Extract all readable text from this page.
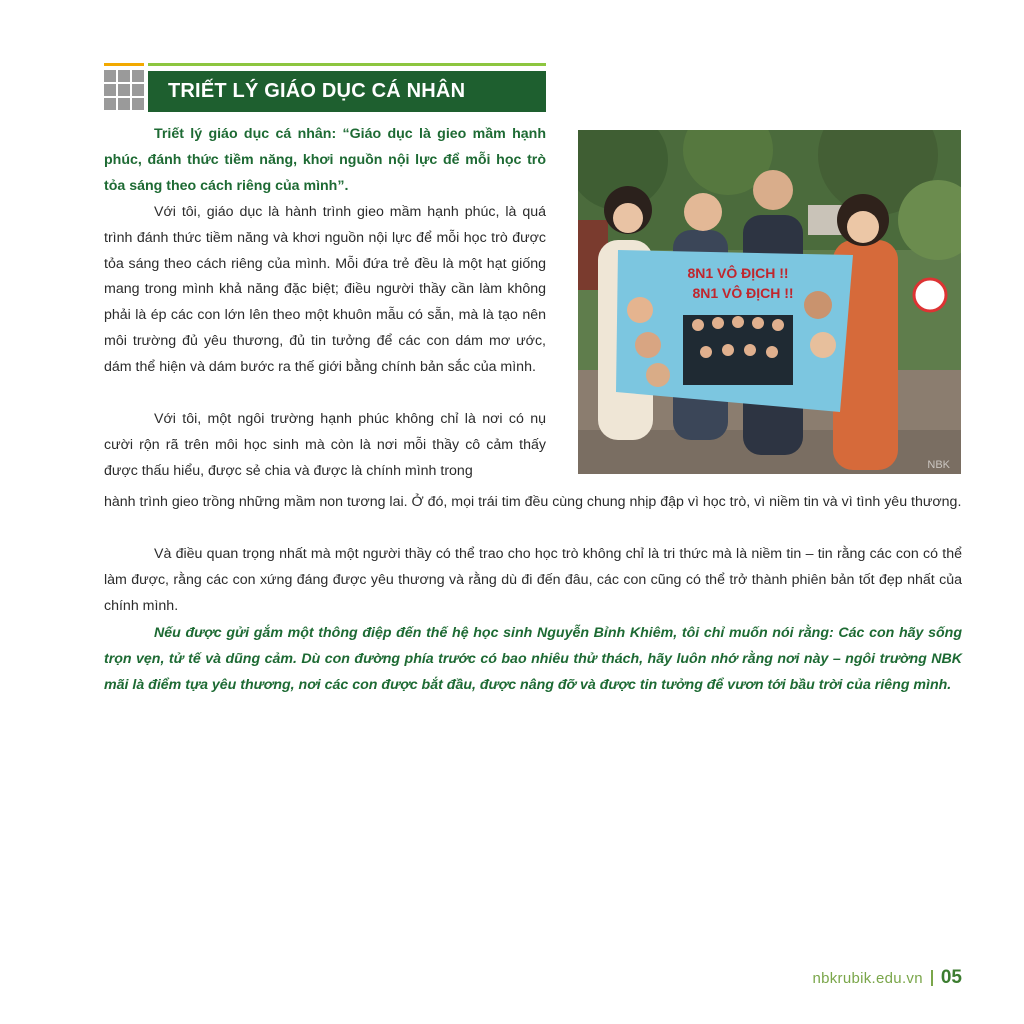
TRIẾT LÝ GIÁO DỤC CÁ NHÂN

Triết lý giáo dục cá nhân: “Giáo dục là gieo mầm hạnh phúc, đánh thức tiềm năng, khơi nguồn nội lực để mỗi học trò tỏa sáng theo cách riêng của mình”.

Với tôi, giáo dục là hành trình gieo mầm hạnh phúc, là quá trình đánh thức tiềm năng và khơi nguồn nội lực để mỗi học trò được tỏa sáng theo cách riêng của mình. Mỗi đứa trẻ đều là một hạt giống mang trong mình khả năng đặc biệt; điều người thầy cần làm không phải là ép các con lớn lên theo một khuôn mẫu có sẵn, mà là tạo nên môi trường đủ yêu thương, đủ tin tưởng để các con dám mơ ước, dám thể hiện và dám bước ra thế giới bằng chính bản sắc của mình.

Với tôi, một ngôi trường hạnh phúc không chỉ là nơi có nụ cười rộn rã trên môi học sinh mà còn là nơi mỗi thầy cô cảm thấy được thấu hiểu, được sẻ chia và được là chính mình trong

hành trình gieo trồng những mầm non tương lai. Ở đó, mọi trái tim đều cùng chung nhịp đập vì học trò, vì niềm tin và vì tình yêu thương.

Và điều quan trọng nhất mà một người thầy có thể trao cho học trò không chỉ là tri thức mà là niềm tin – tin rằng các con có thể làm được, rằng các con xứng đáng được yêu thương và rằng dù đi đến đâu, các con cũng có thể trở thành phiên bản tốt đẹp nhất của chính mình.

Nếu được gửi gắm một thông điệp đến thế hệ học sinh Nguyễn Bỉnh Khiêm, tôi chỉ muốn nói rằng: Các con hãy sống trọn vẹn, tử tế và dũng cảm. Dù con đường phía trước có bao nhiêu thử thách, hãy luôn nhớ rằng nơi này – ngôi trường NBK mãi là điểm tựa yêu thương, nơi các con được bắt đầu, được nâng đỡ và được tin tưởng để vươn tới bầu trời của riêng mình.

8N1 VÔ ĐỊCH !!
8N1 VÔ ĐỊCH !!
NBK
nbkrubik.edu.vn 05
